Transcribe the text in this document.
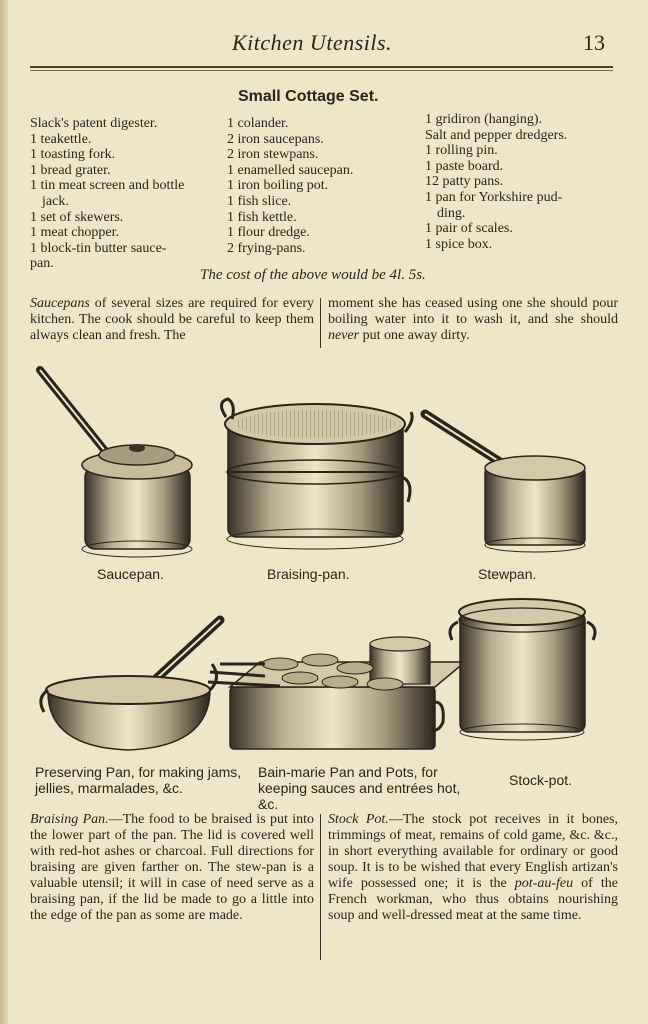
Kitchen Utensils.	13
Small Cottage Set.
Slack's patent digester.
1 teakettle.
1 toasting fork.
1 bread grater.
1 tin meat screen and bottle
jack.
1 set of skewers.
1 meat chopper.
1 block-tin butter sauce-
pan.
1 colander.
2 iron saucepans.
2 iron stewpans.
1 enamelled saucepan.
1 iron boiling pot.
1 fish slice.
1 fish kettle.
1 flour dredge.
2 frying-pans.
1 gridiron (hanging).
Salt and pepper dredgers.
1 rolling pin.
1 paste board.
12 patty pans.
1 pan for Yorkshire pud-
ding.
1 pair of scales.
1 spice box.
The cost of the above would be 4l. 5s.
Saucepans of several sizes are required for every kitchen. The cook should be careful to keep them always clean and fresh. The
moment she has ceased using one she should pour boiling water into it to wash it, and she should never put one away dirty.
Saucepan.	Braising-pan.	Stewpan.
Preserving Pan, for making jams, jellies, marmalades, &c.
Bain-marie Pan and Pots, for keeping sauces and entrées hot, &c.
Stock-pot.
Braising Pan.—The food to be braised is put into the lower part of the pan. The lid is covered well with red-hot ashes or charcoal. Full directions for braising are given farther on. The stew-pan is a valuable utensil; it will in case of need serve as a braising pan, if the lid be made to go a little into the edge of the pan as some are made.
Stock Pot.—The stock pot receives in it bones, trimmings of meat, remains of cold game, &c. &c., in short everything available for ordinary or good soup. It is to be wished that every English artizan's wife possessed one; it is the pot-au-feu of the French workman, who thus obtains nourishing soup and well-dressed meat at the same time.
